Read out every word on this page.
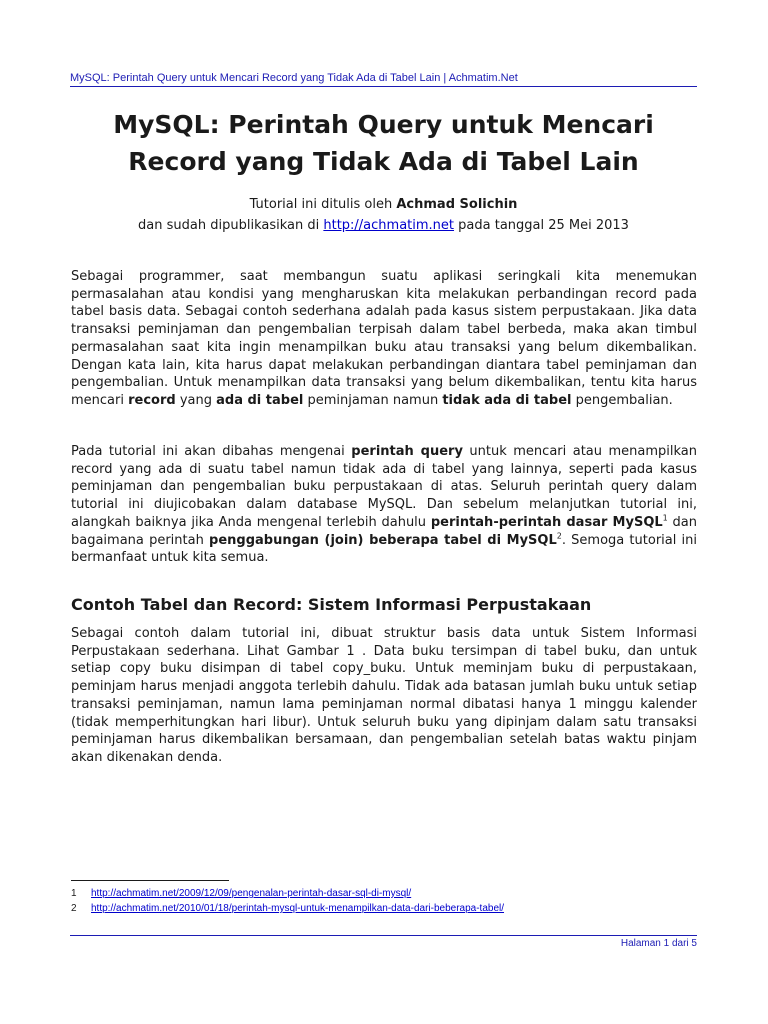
MySQL: Perintah Query untuk Mencari Record yang Tidak Ada di Tabel Lain | Achmatim.Net
MySQL: Perintah Query untuk Mencari
Record yang Tidak Ada di Tabel Lain
Tutorial ini ditulis oleh Achmad Solichin
dan sudah dipublikasikan di http://achmatim.net pada tanggal 25 Mei 2013

Sebagai programmer, saat membangun suatu aplikasi seringkali kita menemukan permasalahan atau kondisi yang mengharuskan kita melakukan perbandingan record pada tabel basis data. Sebagai contoh sederhana adalah pada kasus sistem perpustakaan. Jika data transaksi peminjaman dan pengembalian terpisah dalam tabel berbeda, maka akan timbul permasalahan saat kita ingin menampilkan buku atau transaksi yang belum dikembalikan. Dengan kata lain, kita harus dapat melakukan perbandingan diantara tabel peminjaman dan pengembalian. Untuk menampilkan data transaksi yang belum dikembalikan, tentu kita harus mencari record yang ada di tabel peminjaman namun tidak ada di tabel pengembalian.

Pada tutorial ini akan dibahas mengenai perintah query untuk mencari atau menampilkan record yang ada di suatu tabel namun tidak ada di tabel yang lainnya, seperti pada kasus peminjaman dan pengembalian buku perpustakaan di atas. Seluruh perintah query dalam tutorial ini diujicobakan dalam database MySQL. Dan sebelum melanjutkan tutorial ini, alangkah baiknya jika Anda mengenal terlebih dahulu perintah-perintah dasar MySQL$^1$ dan bagaimana perintah penggabungan (join) beberapa tabel di MySQL$^2$. Semoga tutorial ini bermanfaat untuk kita semua.

Contoh Tabel dan Record: Sistem Informasi Perpustakaan

Sebagai contoh dalam tutorial ini, dibuat struktur basis data untuk Sistem Informasi Perpustakaan sederhana. Lihat Gambar 1 . Data buku tersimpan di tabel buku, dan untuk setiap copy buku disimpan di tabel copy_buku. Untuk meminjam buku di perpustakaan, peminjam harus menjadi anggota terlebih dahulu. Tidak ada batasan jumlah buku untuk setiap transaksi peminjaman, namun lama peminjaman normal dibatasi hanya 1 minggu kalender (tidak memperhitungkan hari libur). Untuk seluruh buku yang dipinjam dalam satu transaksi peminjaman harus dikembalikan bersamaan, dan pengembalian setelah batas waktu pinjam akan dikenakan denda.

1	http://achmatim.net/2009/12/09/pengenalan-perintah-dasar-sql-di-mysql/
2	http://achmatim.net/2010/01/18/perintah-mysql-untuk-menampilkan-data-dari-beberapa-tabel/
Halaman 1 dari 5
